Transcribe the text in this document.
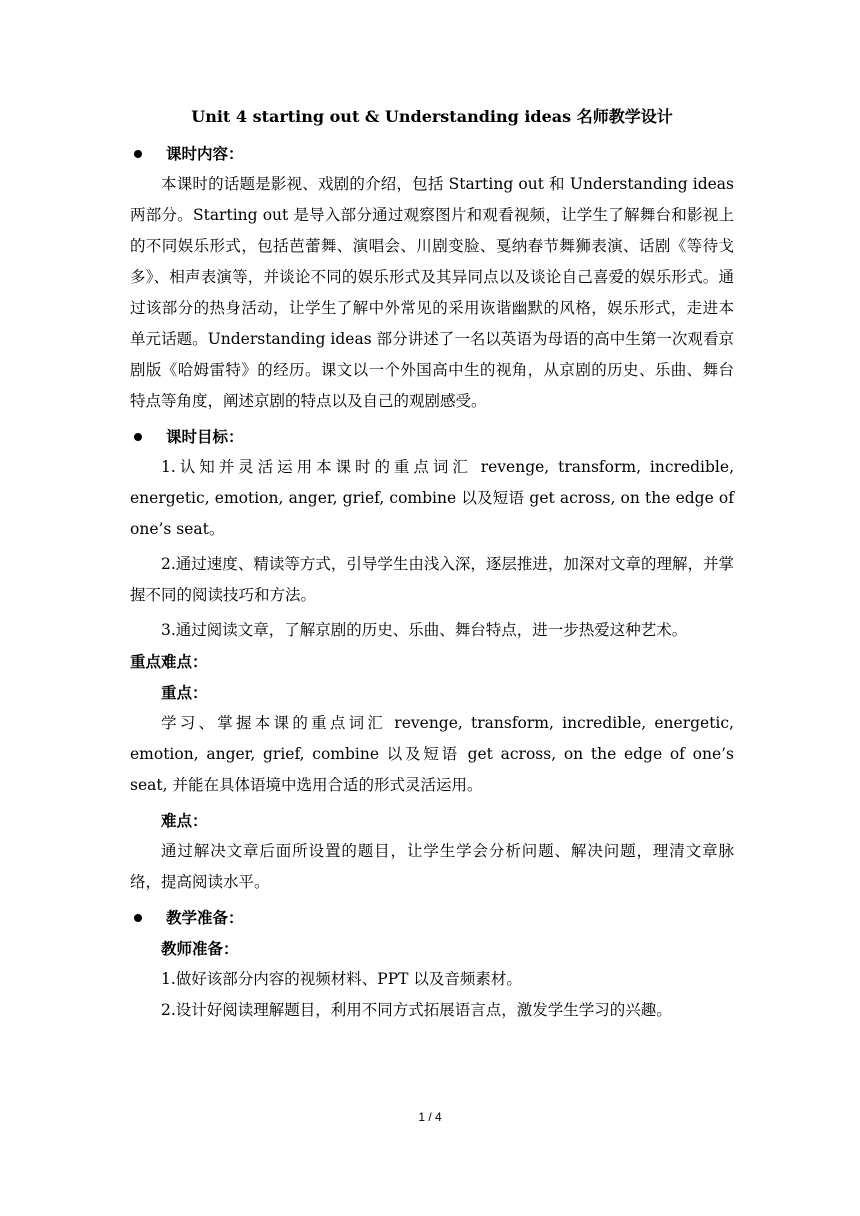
Unit 4 starting out & Understanding ideas 名师教学设计
课时内容：

本课时的话题是影视、戏剧的介绍，包括 Starting out 和 Understanding ideas 两部分。Starting out 是导入部分通过观察图片和观看视频，让学生了解舞台和影视上的不同娱乐形式，包括芭蕾舞、演唱会、川剧变脸、戛纳春节舞狮表演、话剧《等待戈多》、相声表演等，并谈论不同的娱乐形式及其异同点以及谈论自己喜爱的娱乐形式。通过该部分的热身活动，让学生了解中外常见的采用诙谐幽默的风格，娱乐形式，走进本单元话题。Understanding ideas 部分讲述了一名以英语为母语的高中生第一次观看京剧版《哈姆雷特》的经历。课文以一个外国高中生的视角，从京剧的历史、乐曲、舞台特点等角度，阐述京剧的特点以及自己的观剧感受。

课时目标：

1.认知并灵活运用本课时的重点词汇 revenge, transform, incredible, energetic, emotion, anger, grief, combine 以及短语 get across, on the edge of one’s seat。

2.通过速度、精读等方式，引导学生由浅入深，逐层推进，加深对文章的理解，并掌握不同的阅读技巧和方法。

3.通过阅读文章，了解京剧的历史、乐曲、舞台特点，进一步热爱这种艺术。

重点难点：
重点：

学习、掌握本课的重点词汇 revenge, transform, incredible, energetic, emotion, anger, grief, combine 以及短语 get across, on the edge of one’s seat, 并能在具体语境中选用合适的形式灵活运用。

难点：

通过解决文章后面所设置的题目，让学生学会分析问题、解决问题，理清文章脉络，提高阅读水平。

教学准备：
教师准备：

1.做好该部分内容的视频材料、PPT 以及音频素材。

2.设计好阅读理解题目，利用不同方式拓展语言点，激发学生学习的兴趣。

1 / 4
